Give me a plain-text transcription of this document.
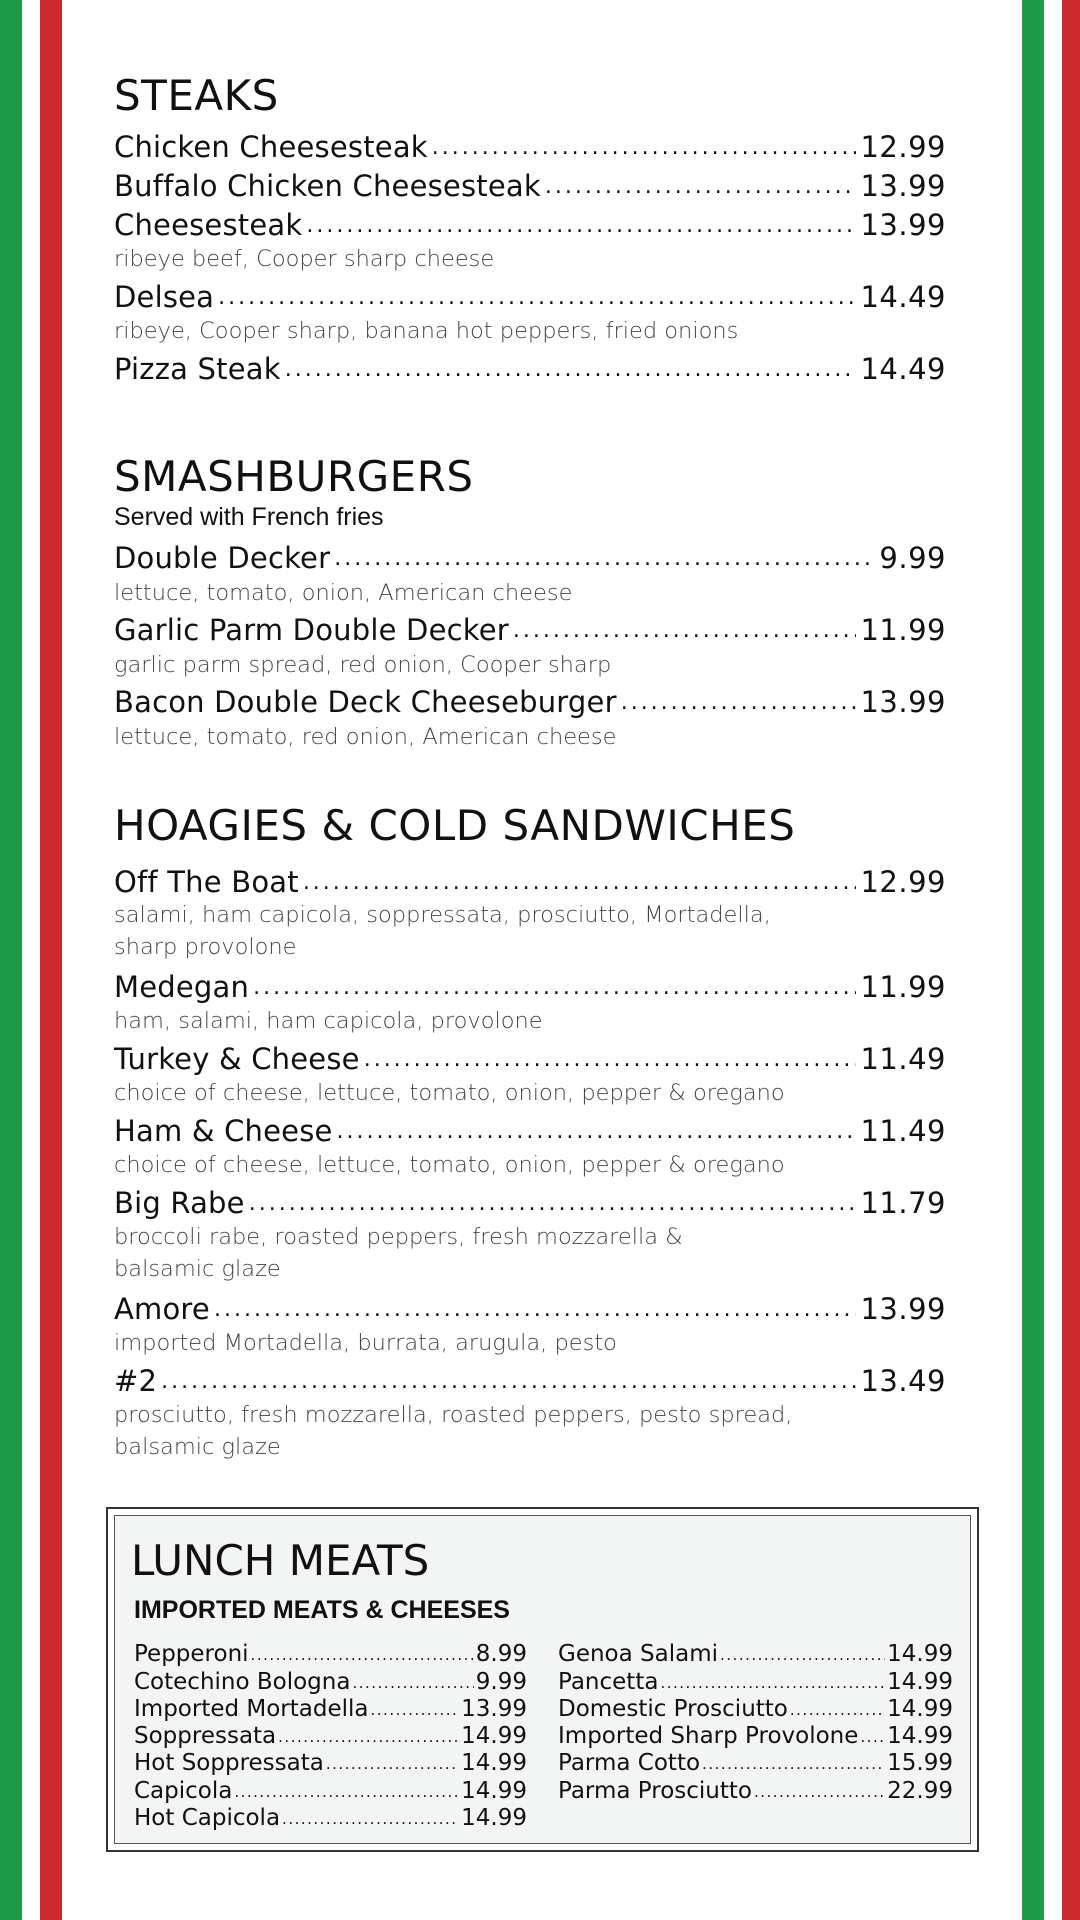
STEAKS
Chicken Cheesesteak .....	12.99
Buffalo Chicken Cheesesteak .....	13.99
Cheesesteak .....	13.99
ribeye beef, Cooper sharp cheese
Delsea .....	14.49
ribeye, Cooper sharp, banana hot peppers, fried onions
Pizza Steak .....	14.49
SMASHBURGERS
Served with French fries
Double Decker .....	9.99
lettuce, tomato, onion, American cheese
Garlic Parm Double Decker .....	11.99
garlic parm spread, red onion, Cooper sharp
Bacon Double Deck Cheeseburger .....	13.99
lettuce, tomato, red onion, American cheese
HOAGIES & COLD SANDWICHES
Off The Boat .....	12.99
salami, ham capicola, soppressata, prosciutto, Mortadella, sharp provolone
Medegan .....	11.99
ham, salami, ham capicola, provolone
Turkey & Cheese .....	11.49
choice of cheese, lettuce, tomato, onion, pepper & oregano
Ham & Cheese .....	11.49
choice of cheese, lettuce, tomato, onion, pepper & oregano
Big Rabe .....	11.79
broccoli rabe, roasted peppers, fresh mozzarella & balsamic glaze
Amore .....	13.99
imported Mortadella, burrata, arugula, pesto
#2 .....	13.49
prosciutto, fresh mozzarella, roasted peppers, pesto spread, balsamic glaze
LUNCH MEATS
IMPORTED MEATS & CHEESES
Pepperoni .....	8.99
Cotechino Bologna .....	9.99
Imported Mortadella .....	13.99
Soppressata .....	14.99
Hot Soppressata .....	14.99
Capicola .....	14.99
Hot Capicola .....	14.99
Genoa Salami .....	14.99
Pancetta .....	14.99
Domestic Prosciutto .....	14.99
Imported Sharp Provolone ..... 14.99
Parma Cotto .....	15.99
Parma Prosciutto .....	22.99
